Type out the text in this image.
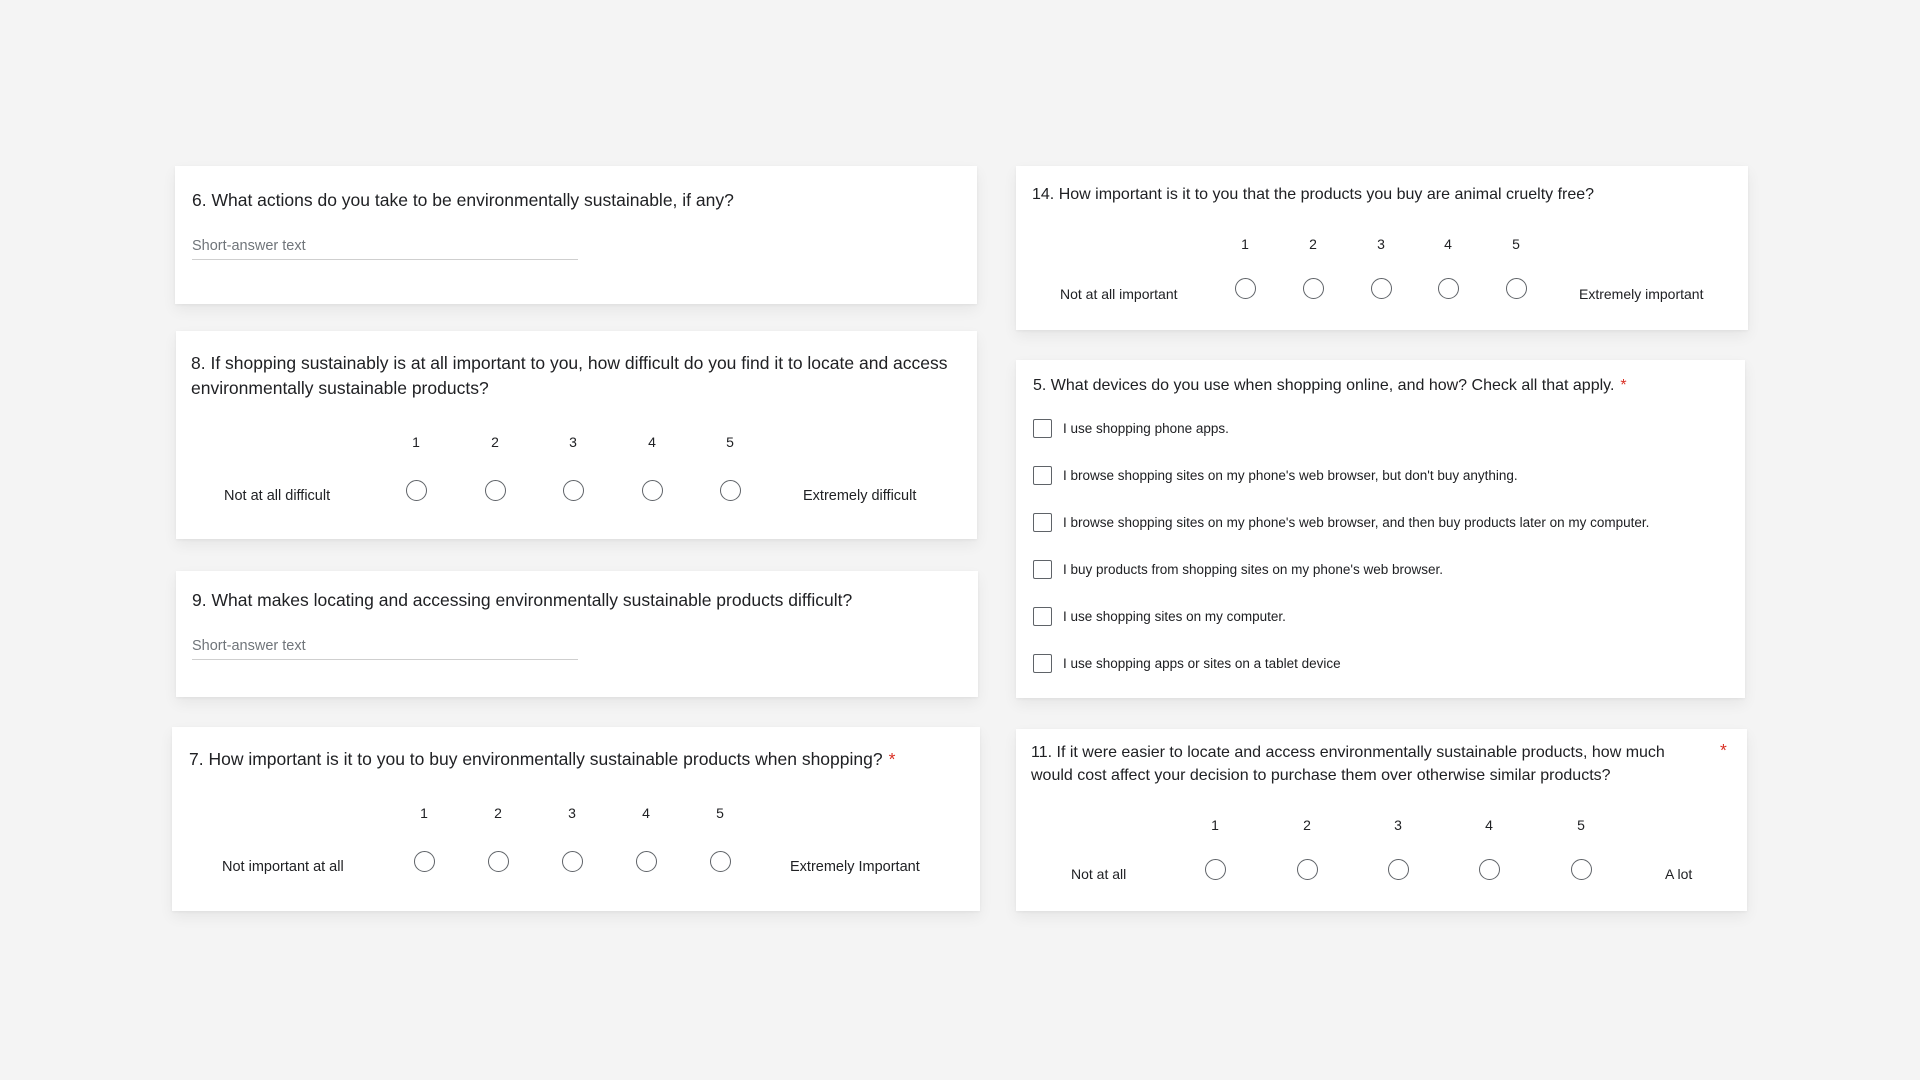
6. What actions do you take to be environmentally sustainable, if any?
Short-answer text
8. If shopping sustainably is at all important to you, how difficult do you find it to locate and access environmentally sustainable products?
1	2	3	4	5
Not at all difficult	Extremely difficult
9. What makes locating and accessing environmentally sustainable products difficult?
Short-answer text
7. How important is it to you to buy environmentally sustainable products when shopping? *
1	2	3	4	5
Not important at all	Extremely Important
14. How important is it to you that the products you buy are animal cruelty free?
1	2	3	4	5
Not at all important	Extremely important
5. What devices do you use when shopping online, and how? Check all that apply. *
I use shopping phone apps.
I browse shopping sites on my phone's web browser, but don't buy anything.
I browse shopping sites on my phone's web browser, and then buy products later on my computer.
I buy products from shopping sites on my phone's web browser.
I use shopping sites on my computer.
I use shopping apps or sites on a tablet device
11. If it were easier to locate and access environmentally sustainable products, how much would cost affect your decision to purchase them over otherwise similar products?
*
1	2	3	4	5
Not at all	A lot
